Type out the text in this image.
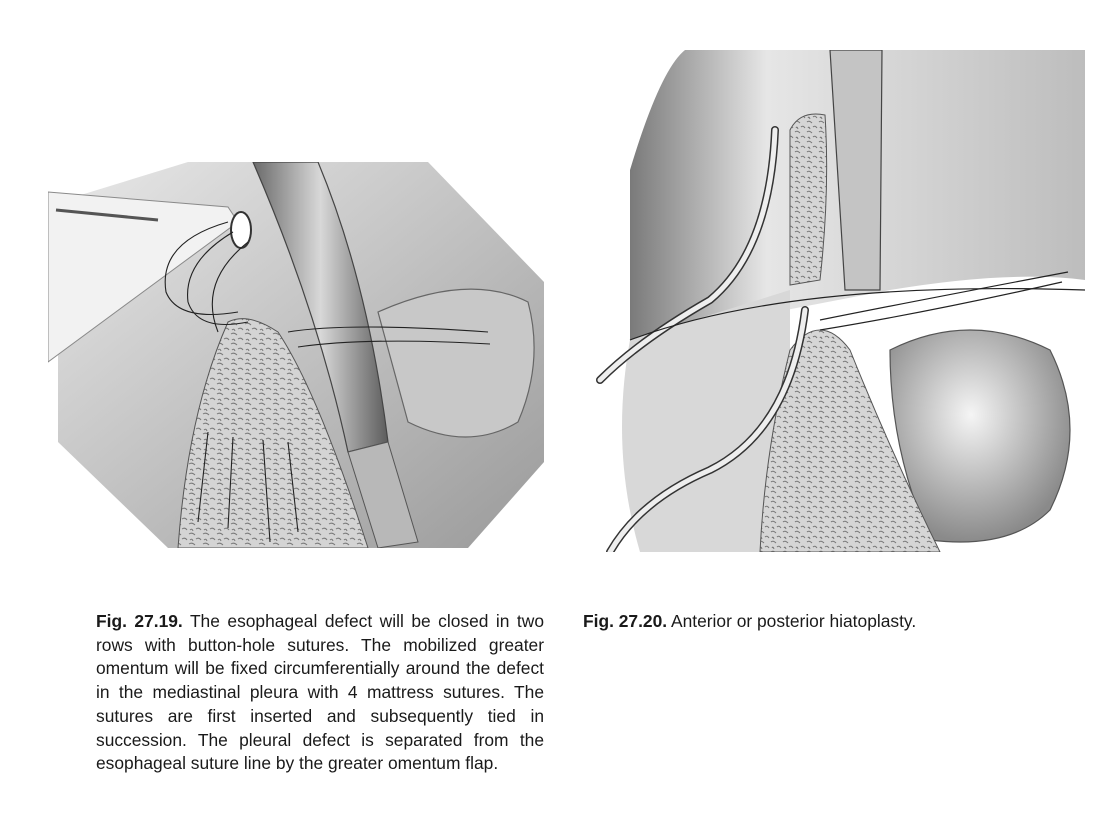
Fig. 27.19. The esophageal defect will be closed in two rows with button-hole sutures. The mobilized greater omentum will be fixed circumferentially around the defect in the mediastinal pleura with 4 mattress sutures. The sutures are first inserted and subsequently tied in succession. The pleural defect is separated from the esophageal suture line by the greater omentum flap.
Fig. 27.20. Anterior or posterior hiatoplasty.
